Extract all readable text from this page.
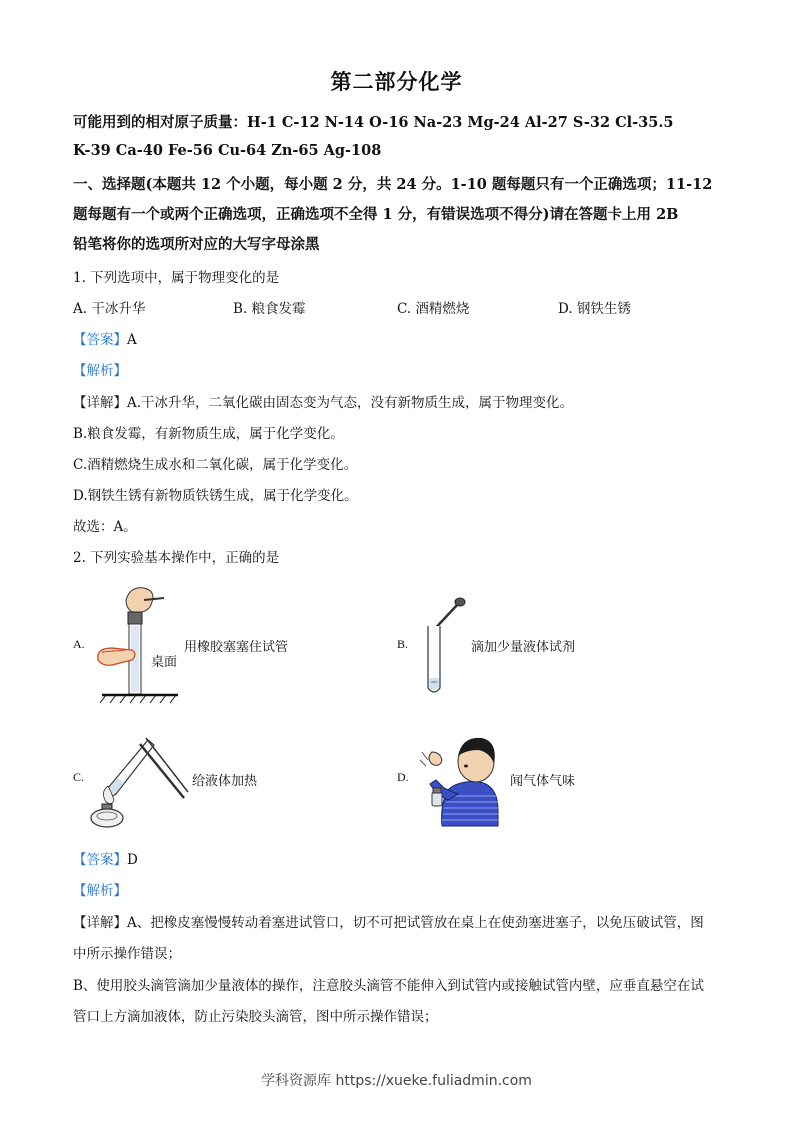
第二部分化学
可能用到的相对原子质量：H-1 C-12 N-14 O-16 Na-23 Mg-24 Al-27 S-32 Cl-35.5
K-39 Ca-40 Fe-56 Cu-64 Zn-65 Ag-108
一、选择题(本题共 12 个小题，每小题 2 分，共 24 分。1-10 题每题只有一个正确选项；11-12
题每题有一个或两个正确选项，正确选项不全得 1 分，有错误选项不得分)请在答题卡上用 2B
铅笔将你的选项所对应的大写字母涂黑
1. 下列选项中，属于物理变化的是
A. 干冰升华	B. 粮食发霉	C. 酒精燃烧	D. 钢铁生锈
【答案】A
【解析】
【详解】A.干冰升华，二氧化碳由固态变为气态，没有新物质生成，属于物理变化。
B.粮食发霉，有新物质生成，属于化学变化。
C.酒精燃烧生成水和二氧化碳，属于化学变化。
D.钢铁生锈有新物质铁锈生成，属于化学变化。
故选：A。
2. 下列实验基本操作中，正确的是
A.
桌面
用橡胶塞塞住试管	B.	滴加少量液体试剂
C.	给液体加热	D.	闻气体气味
【答案】D
【解析】
【详解】A、把橡皮塞慢慢转动着塞进试管口，切不可把试管放在桌上在使劲塞进塞子，以免压破试管，图
中所示操作错误；
B、使用胶头滴管滴加少量液体的操作，注意胶头滴管不能伸入到试管内或接触试管内壁，应垂直悬空在试
管口上方滴加液体，防止污染胶头滴管，图中所示操作错误；
学科资源库 https://xueke.fuliadmin.com
